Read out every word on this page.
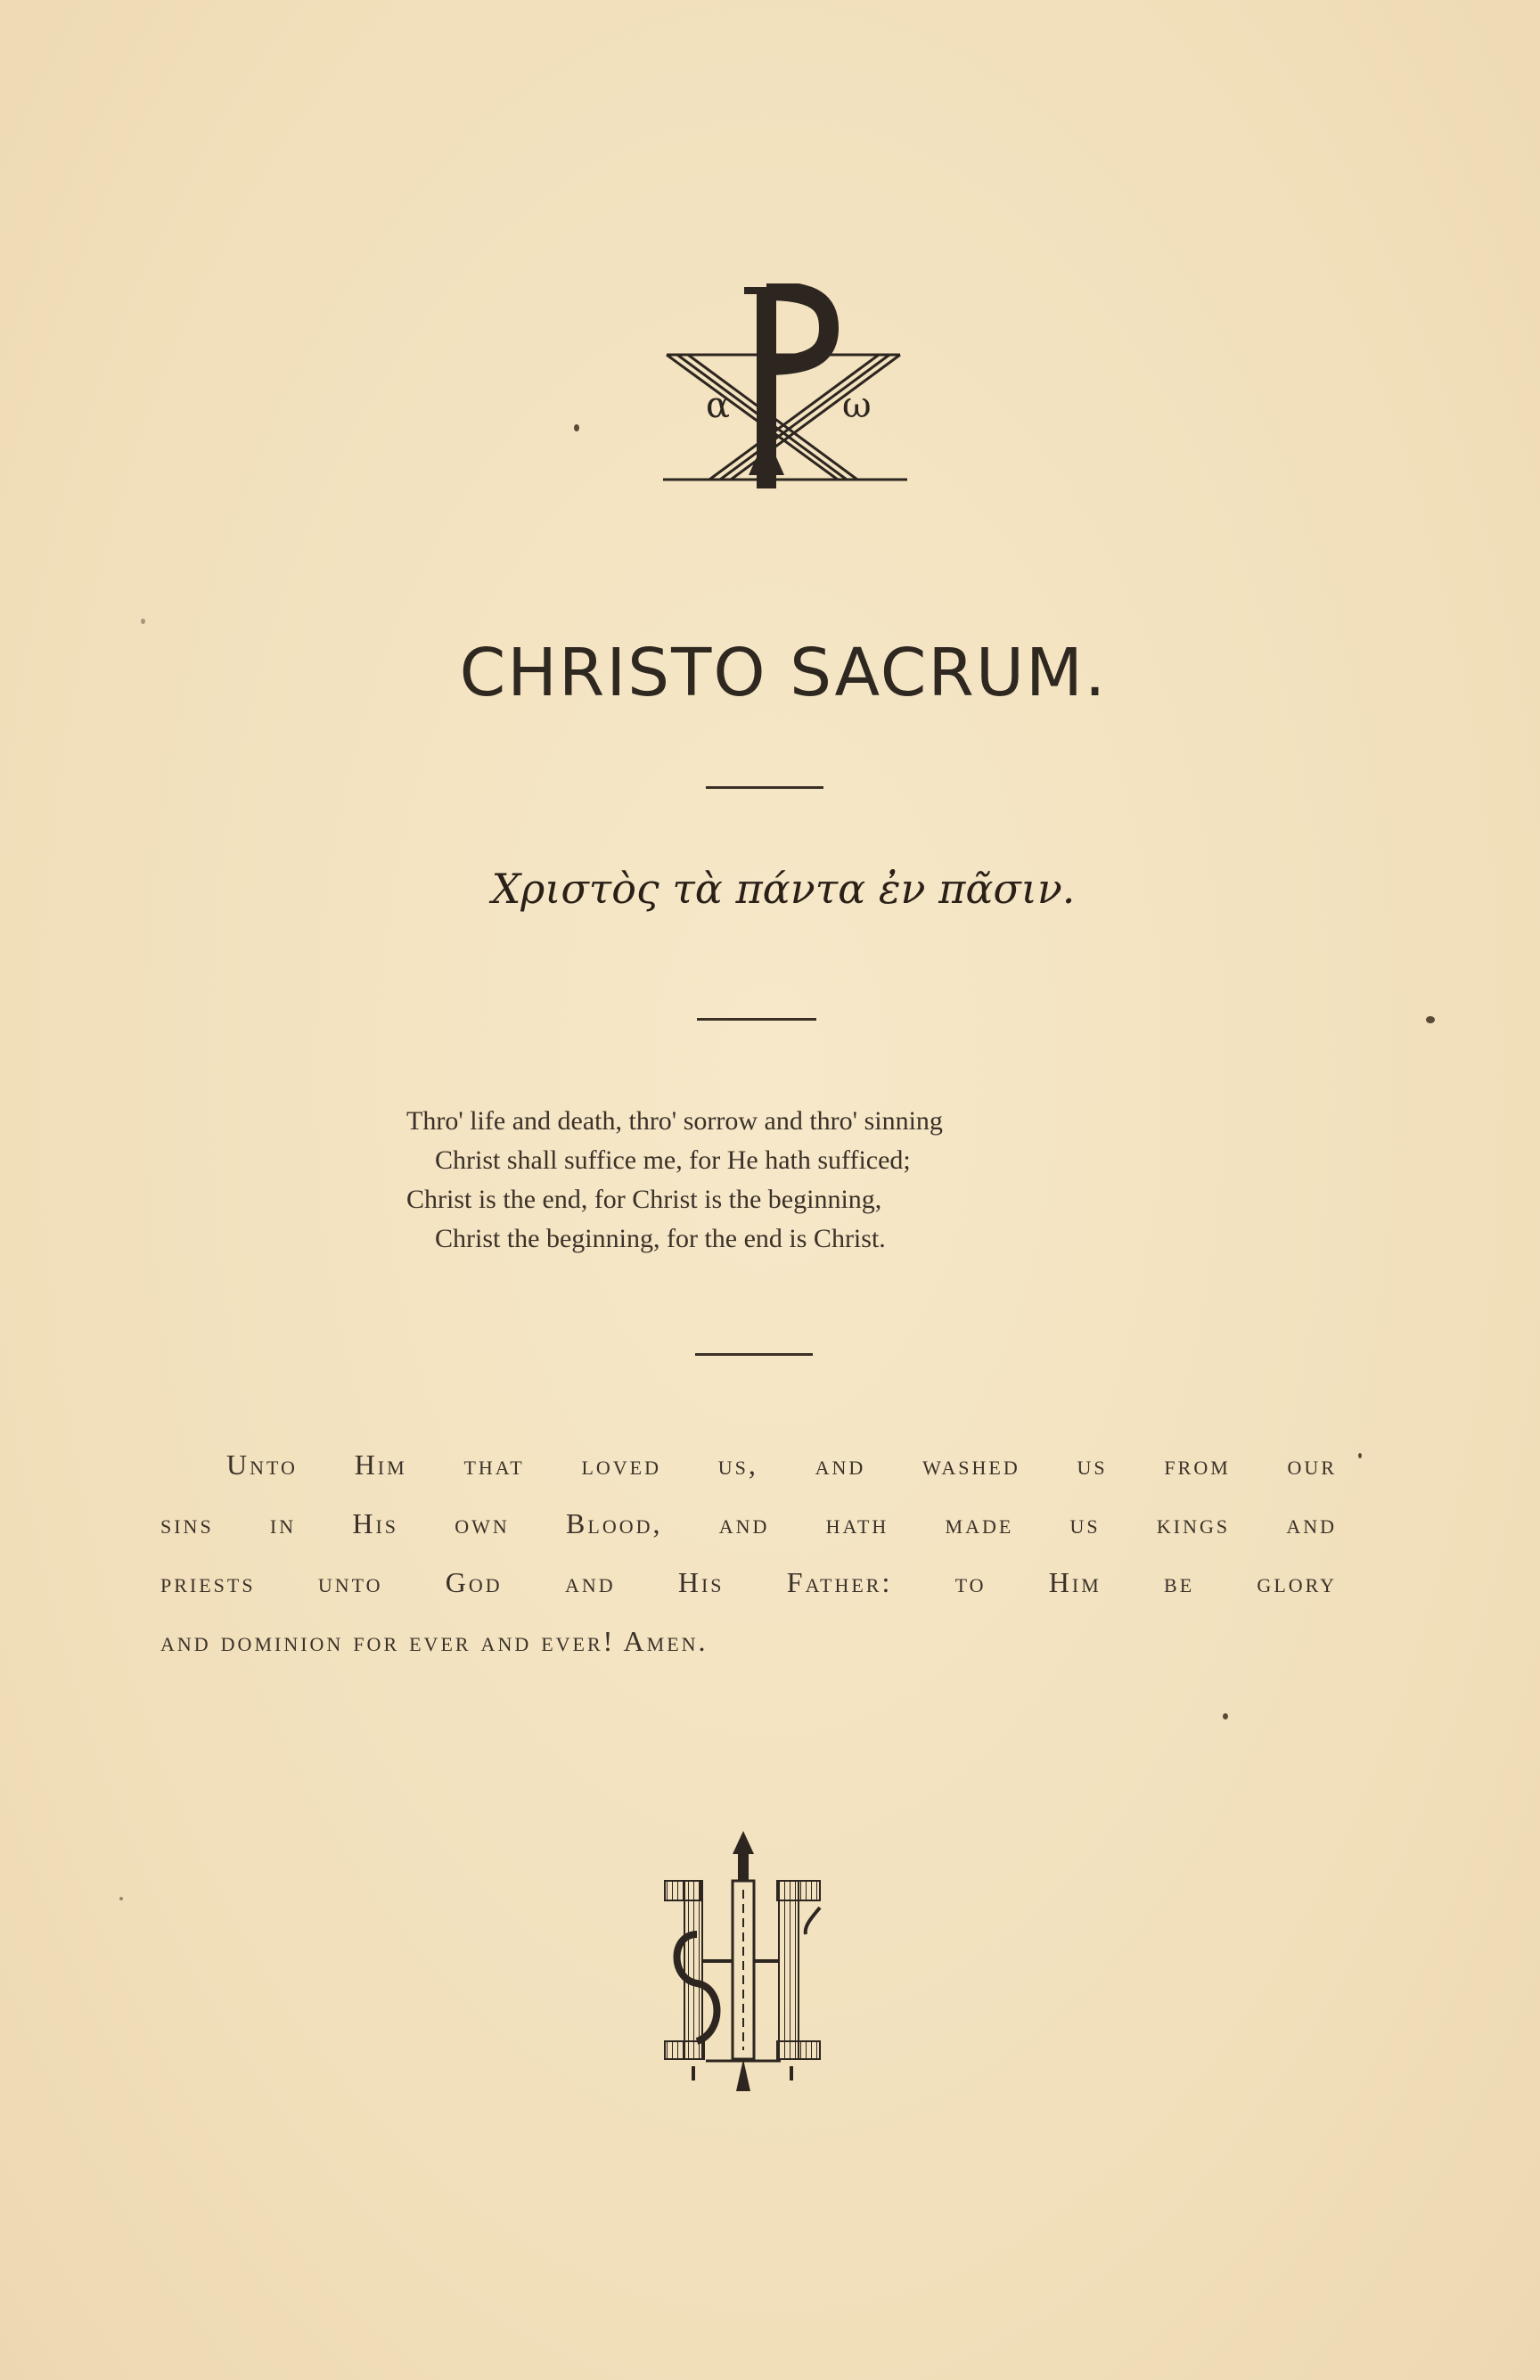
α	ω
CHRISTO SACRUM.
Χριστὸς τὰ πάντα ἐν πᾶσιν.
Thro' life and death, thro' sorrow and thro' sinning
Christ shall suffice me, for He hath sufficed;
Christ is the end, for Christ is the beginning,
Christ the beginning, for the end is Christ.
Unto Him that loved us, and washed us from our
sins in His own Blood, and hath made us kings and
priests unto God and His Father: to Him be glory
and dominion for ever and ever! Amen.
